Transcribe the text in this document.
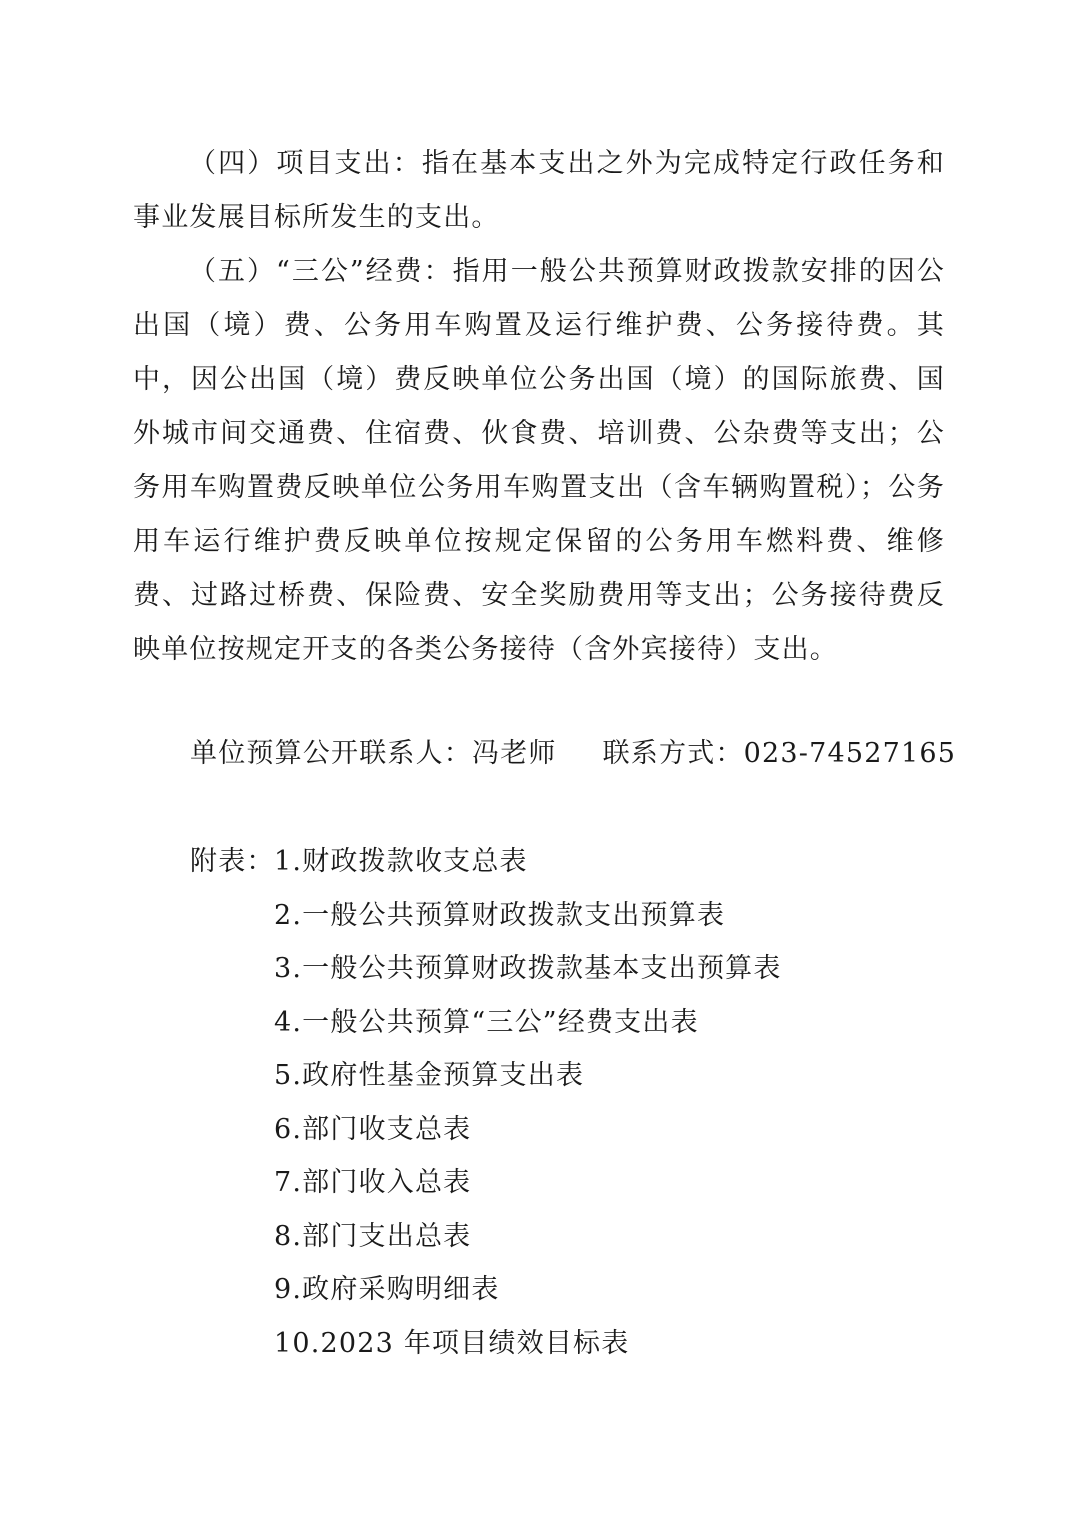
（四）项目支出：指在基本支出之外为完成特定行政任务和事业发展目标所发生的支出。

（五）“三公”经费：指用一般公共预算财政拨款安排的因公出国（境）费、公务用车购置及运行维护费、公务接待费。其中，因公出国（境）费反映单位公务出国（境）的国际旅费、国外城市间交通费、住宿费、伙食费、培训费、公杂费等支出；公务用车购置费反映单位公务用车购置支出（含车辆购置税）；公务用车运行维护费反映单位按规定保留的公务用车燃料费、维修费、过路过桥费、保险费、安全奖励费用等支出；公务接待费反映单位按规定开支的各类公务接待（含外宾接待）支出。

单位预算公开联系人：冯老师 联系方式：023-74527165
附表： 1.财政拨款收支总表
2.一般公共预算财政拨款支出预算表
3.一般公共预算财政拨款基本支出预算表
4.一般公共预算“三公”经费支出表
5.政府性基金预算支出表
6.部门收支总表
7.部门收入总表
8.部门支出总表
9.政府采购明细表
10.2023 年项目绩效目标表
